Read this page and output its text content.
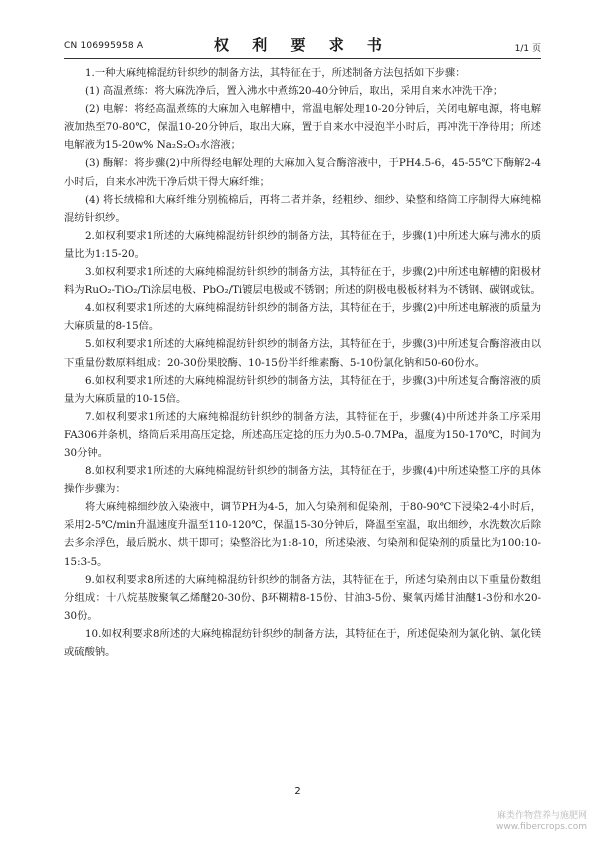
CN 106995958 A	权 利 要 求 书	1/1 页

1.一种大麻纯棉混纺针织纱的制备方法，其特征在于，所述制备方法包括如下步骤：

(1) 高温煮练：将大麻洗净后，置入沸水中煮练20-40分钟后，取出，采用自来水冲洗干净；

(2) 电解：将经高温煮练的大麻加入电解槽中，常温电解处理10-20分钟后，关闭电解电源，将电解液加热至70-80℃，保温10-20分钟后，取出大麻，置于自来水中浸泡半小时后，再冲洗干净待用；所述电解液为15-20w% Na₂S₂O₃水溶液；

(3) 酶解：将步骤(2)中所得经电解处理的大麻加入复合酶溶液中，于PH4.5-6，45-55℃下酶解2-4小时后，自来水冲洗干净后烘干得大麻纤维；

(4) 将长绒棉和大麻纤维分别梳棉后，再将二者并条，经粗纱、细纱、染整和络筒工序制得大麻纯棉混纺针织纱。

2.如权利要求1所述的大麻纯棉混纺针织纱的制备方法，其特征在于，步骤(1)中所述大麻与沸水的质量比为1:15-20。

3.如权利要求1所述的大麻纯棉混纺针织纱的制备方法，其特征在于，步骤(2)中所述电解槽的阳极材料为RuO₂-TiO₂/Ti涂层电极、PbO₂/Ti镀层电极或不锈钢；所述的阴极电极板材料为不锈钢、碳钢或钛。

4.如权利要求1所述的大麻纯棉混纺针织纱的制备方法，其特征在于，步骤(2)中所述电解液的质量为大麻质量的8-15倍。

5.如权利要求1所述的大麻纯棉混纺针织纱的制备方法，其特征在于，步骤(3)中所述复合酶溶液由以下重量份数原料组成：20-30份果胶酶、10-15份半纤维素酶、5-10份氯化钠和50-60份水。

6.如权利要求1所述的大麻纯棉混纺针织纱的制备方法，其特征在于，步骤(3)中所述复合酶溶液的质量为大麻质量的10-15倍。

7.如权利要求1所述的大麻纯棉混纺针织纱的制备方法，其特征在于，步骤(4)中所述并条工序采用FA306并条机，络筒后采用高压定捻，所述高压定捻的压力为0.5-0.7MPa，温度为150-170℃，时间为30分钟。

8.如权利要求1所述的大麻纯棉混纺针织纱的制备方法，其特征在于，步骤(4)中所述染整工序的具体操作步骤为：

将大麻纯棉细纱放入染液中，调节PH为4-5，加入匀染剂和促染剂，于80-90℃下浸染2-4小时后，采用2-5℃/min升温速度升温至110-120℃，保温15-30分钟后，降温至室温，取出细纱，水洗数次后除去多余浮色，最后脱水、烘干即可；染整浴比为1:8-10，所述染液、匀染剂和促染剂的质量比为100:10-15:3-5。

9.如权利要求8所述的大麻纯棉混纺针织纱的制备方法，其特征在于，所述匀染剂由以下重量份数组分组成：十八烷基胺聚氧乙烯醚20-30份、β环糊精8-15份、甘油3-5份、聚氧丙烯甘油醚1-3份和水20-30份。

10.如权利要求8所述的大麻纯棉混纺针织纱的制备方法，其特征在于，所述促染剂为氯化钠、氯化镁或硫酸钠。

2
麻类作物营养与施肥网
www.fibercrops.com
